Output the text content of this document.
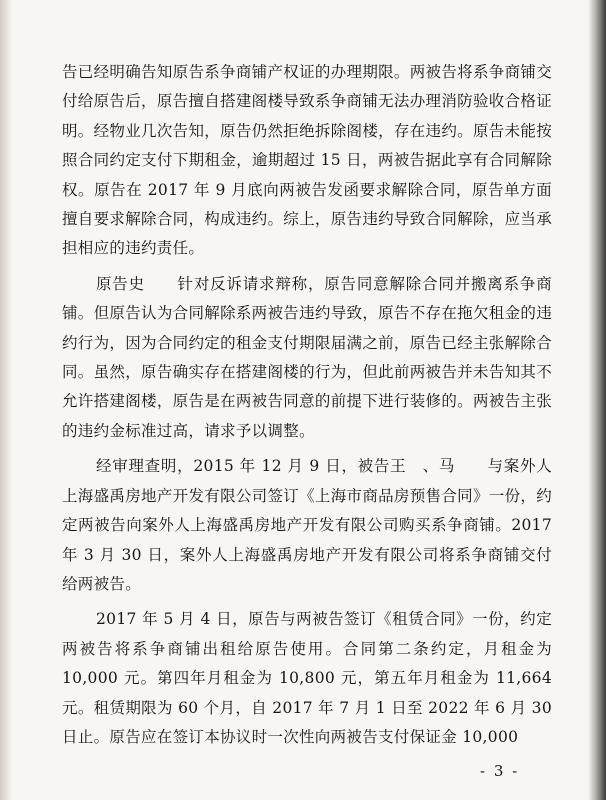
告已经明确告知原告系争商铺产权证的办理期限。两被告将系争商铺交付给原告后，原告擅自搭建阁楼导致系争商铺无法办理消防验收合格证明。经物业几次告知，原告仍然拒绝拆除阁楼，存在违约。原告未能按照合同约定支付下期租金，逾期超过 15 日，两被告据此享有合同解除权。原告在 2017 年 9 月底向两被告发函要求解除合同，原告单方面擅自要求解除合同，构成违约。综上，原告违约导致合同解除，应当承担相应的违约责任。

原告史　　针对反诉请求辩称，原告同意解除合同并搬离系争商铺。但原告认为合同解除系两被告违约导致，原告不存在拖欠租金的违约行为，因为合同约定的租金支付期限届满之前，原告已经主张解除合同。虽然，原告确实存在搭建阁楼的行为，但此前两被告并未告知其不允许搭建阁楼，原告是在两被告同意的前提下进行装修的。两被告主张的违约金标准过高，请求予以调整。

经审理查明，2015 年 12 月 9 日，被告王　、马　　与案外人上海盛禹房地产开发有限公司签订《上海市商品房预售合同》一份，约定两被告向案外人上海盛禹房地产开发有限公司购买系争商铺。2017 年 3 月 30 日，案外人上海盛禹房地产开发有限公司将系争商铺交付给两被告。

2017 年 5 月 4 日，原告与两被告签订《租赁合同》一份，约定两被告将系争商铺出租给原告使用。合同第二条约定，月租金为 10,000 元。第四年月租金为 10,800 元，第五年月租金为 11,664 元。租赁期限为 60 个月，自 2017 年 7 月 1 日至 2022 年 6 月 30 日止。原告应在签订本协议时一次性向两被告支付保证金 10,000

- 3 -
